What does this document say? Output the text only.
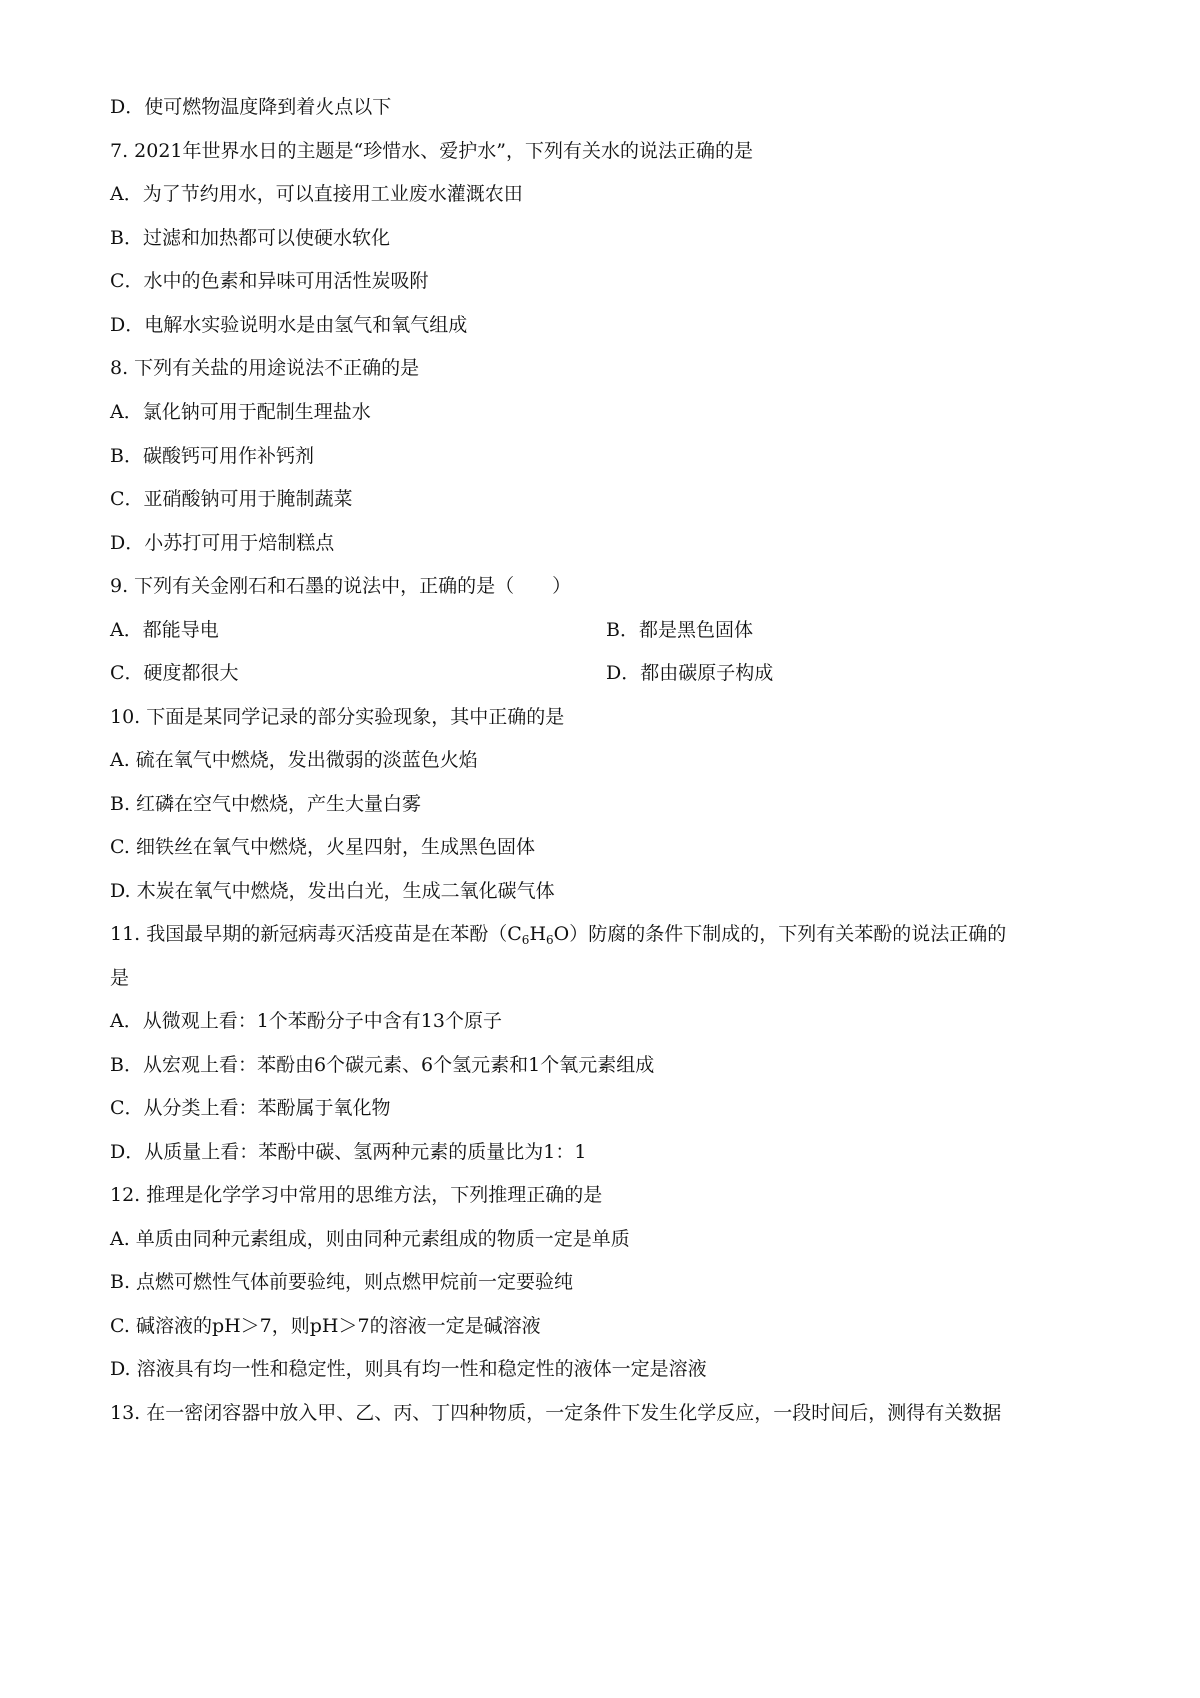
D．使可燃物温度降到着火点以下
7. 2021年世界水日的主题是“珍惜水、爱护水”，下列有关水的说法正确的是
A．为了节约用水，可以直接用工业废水灌溉农田
B．过滤和加热都可以使硬水软化
C．水中的色素和异味可用活性炭吸附
D．电解水实验说明水是由氢气和氧气组成
8. 下列有关盐的用途说法不正确的是
A．氯化钠可用于配制生理盐水
B．碳酸钙可用作补钙剂
C．亚硝酸钠可用于腌制蔬菜
D．小苏打可用于焙制糕点
9. 下列有关金刚石和石墨的说法中，正确的是（　　）
A．都能导电	B．都是黑色固体
C．硬度都很大	D．都由碳原子构成
10. 下面是某同学记录的部分实验现象，其中正确的是
A. 硫在氧气中燃烧，发出微弱的淡蓝色火焰
B. 红磷在空气中燃烧，产生大量白雾
C. 细铁丝在氧气中燃烧，火星四射，生成黑色固体
D. 木炭在氧气中燃烧，发出白光，生成二氧化碳气体
11. 我国最早期的新冠病毒灭活疫苗是在苯酚$(C_6H_6O)$防腐的条件下制成的，下列有关苯酚的说法正确的
是
A．从微观上看：1个苯酚分子中含有13个原子
B．从宏观上看：苯酚由6个碳元素、6个氢元素和1个氧元素组成
C．从分类上看：苯酚属于氧化物
D．从质量上看：苯酚中碳、氢两种元素的质量比为1：1
12. 推理是化学学习中常用的思维方法，下列推理正确的是
A. 单质由同种元素组成，则由同种元素组成的物质一定是单质
B. 点燃可燃性气体前要验纯，则点燃甲烷前一定要验纯
C. 碱溶液的pH＞7，则pH＞7的溶液一定是碱溶液
D. 溶液具有均一性和稳定性，则具有均一性和稳定性的液体一定是溶液
13. 在一密闭容器中放入甲、乙、丙、丁四种物质，一定条件下发生化学反应，一段时间后，测得有关数据
